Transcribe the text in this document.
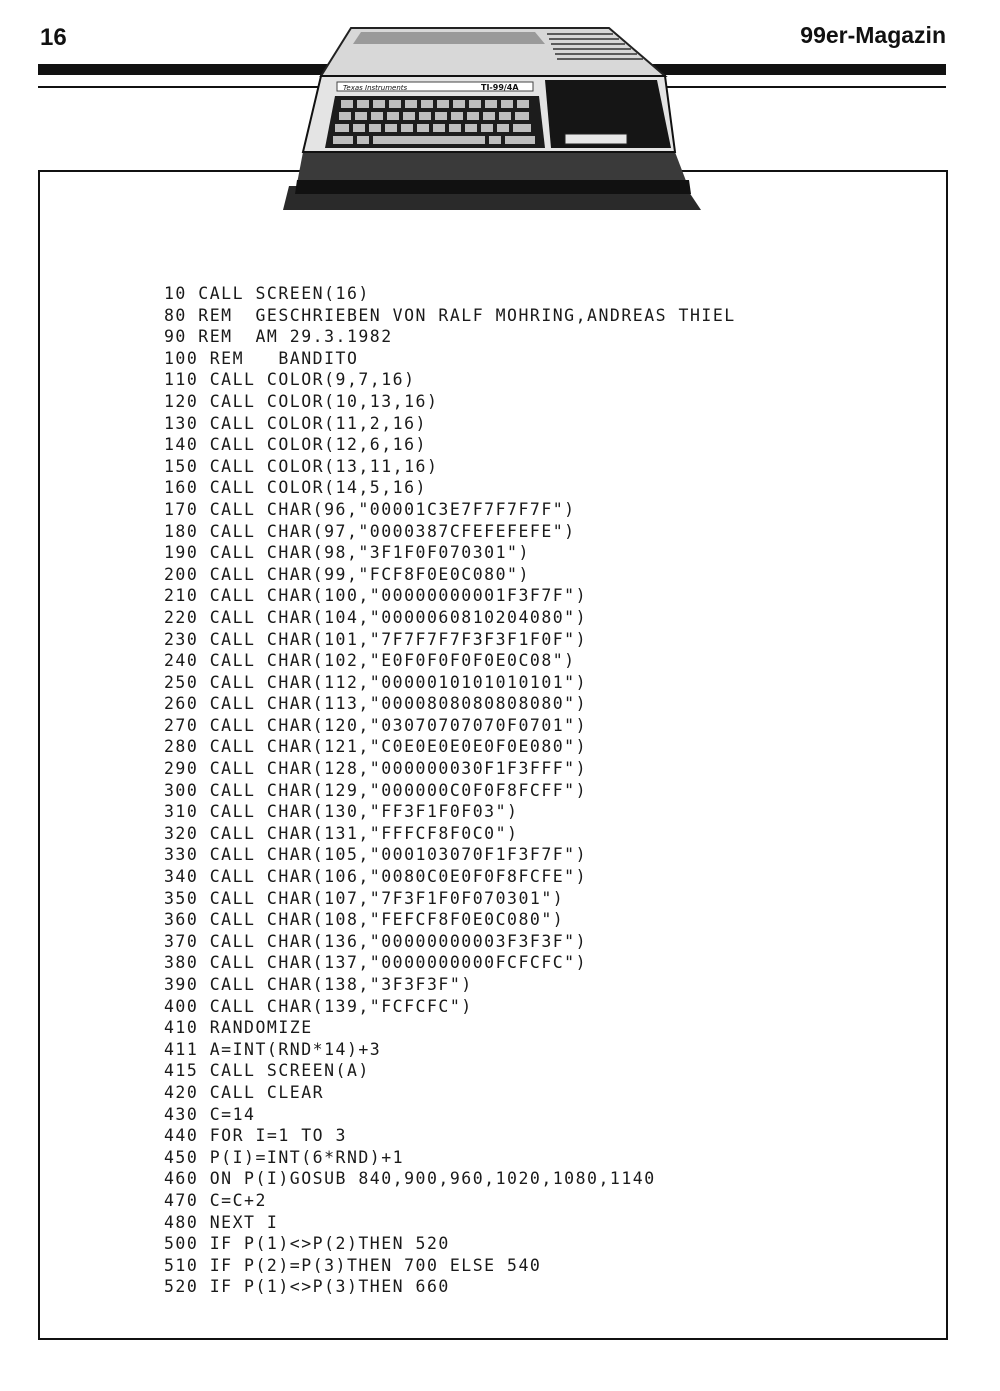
16	99er-Magazin
Texas Instruments	TI-99/4A
10 CALL SCREEN(16)
80 REM  GESCHRIEBEN VON RALF MOHRING,ANDREAS THIEL
90 REM  AM 29.3.1982
100 REM   BANDITO
110 CALL COLOR(9,7,16)
120 CALL COLOR(10,13,16)
130 CALL COLOR(11,2,16)
140 CALL COLOR(12,6,16)
150 CALL COLOR(13,11,16)
160 CALL COLOR(14,5,16)
170 CALL CHAR(96,"00001C3E7F7F7F7F")
180 CALL CHAR(97,"0000387CFEFEFEFE")
190 CALL CHAR(98,"3F1F0F070301")
200 CALL CHAR(99,"FCF8F0E0C080")
210 CALL CHAR(100,"00000000001F3F7F")
220 CALL CHAR(104,"0000060810204080")
230 CALL CHAR(101,"7F7F7F7F3F3F1F0F")
240 CALL CHAR(102,"E0F0F0F0F0E0C08")
250 CALL CHAR(112,"0000010101010101")
260 CALL CHAR(113,"0000808080808080")
270 CALL CHAR(120,"03070707070F0701")
280 CALL CHAR(121,"C0E0E0E0E0F0E080")
290 CALL CHAR(128,"000000030F1F3FFF")
300 CALL CHAR(129,"000000C0F0F8FCFF")
310 CALL CHAR(130,"FF3F1F0F03")
320 CALL CHAR(131,"FFFCF8F0C0")
330 CALL CHAR(105,"000103070F1F3F7F")
340 CALL CHAR(106,"0080C0E0F0F8FCFE")
350 CALL CHAR(107,"7F3F1F0F070301")
360 CALL CHAR(108,"FEFCF8F0E0C080")
370 CALL CHAR(136,"00000000003F3F3F")
380 CALL CHAR(137,"0000000000FCFCFC")
390 CALL CHAR(138,"3F3F3F")
400 CALL CHAR(139,"FCFCFC")
410 RANDOMIZE
411 A=INT(RND*14)+3
415 CALL SCREEN(A)
420 CALL CLEAR
430 C=14
440 FOR I=1 TO 3
450 P(I)=INT(6*RND)+1
460 ON P(I)GOSUB 840,900,960,1020,1080,1140
470 C=C+2
480 NEXT I
500 IF P(1)<>P(2)THEN 520
510 IF P(2)=P(3)THEN 700 ELSE 540
520 IF P(1)<>P(3)THEN 660
